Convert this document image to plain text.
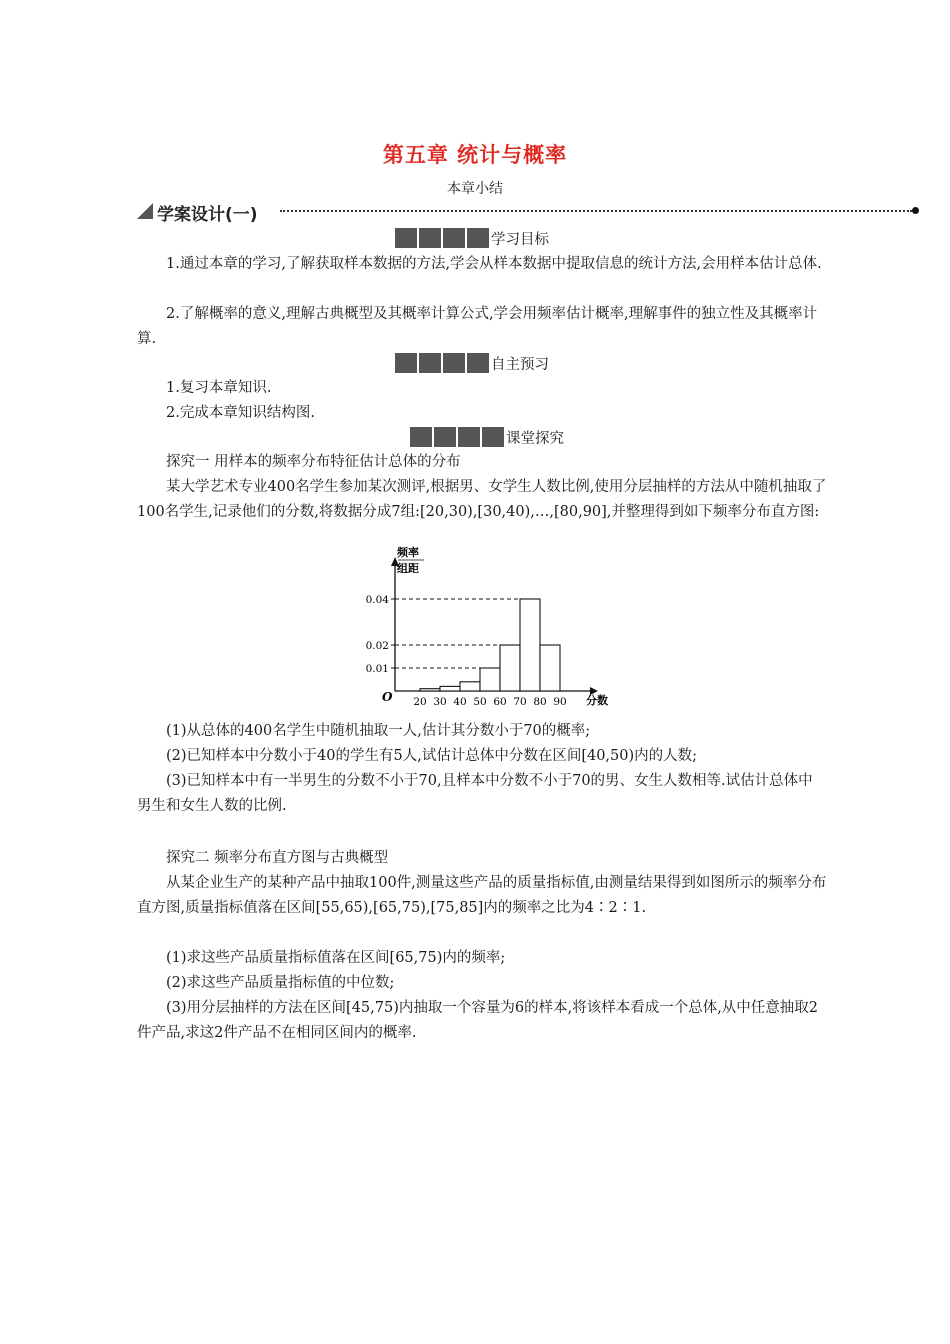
第五章 统计与概率
本章小结
学案设计(一)
学习目标
1.通过本章的学习,了解获取样本数据的方法,学会从样本数据中提取信息的统计方法,会用样本估计总体.
2.了解概率的意义,理解古典概型及其概率计算公式,学会用频率估计概率,理解事件的独立性及其概率计算.
自主预习
1.复习本章知识.
2.完成本章知识结构图.
课堂探究
探究一 用样本的频率分布特征估计总体的分布
某大学艺术专业400名学生参加某次测评,根据男、女学生人数比例,使用分层抽样的方法从中随机抽取了100名学生,记录他们的分数,将数据分成7组:[20,30),[30,40),…,[80,90],并整理得到如下频率分布直方图:
频率
组距
O	分数
0.04
0.02
0.01
20 30 40 50 60 70 80 90
(1)从总体的400名学生中随机抽取一人,估计其分数小于70的概率;
(2)已知样本中分数小于40的学生有5人,试估计总体中分数在区间[40,50)内的人数;
(3)已知样本中有一半男生的分数不小于70,且样本中分数不小于70的男、女生人数相等.试估计总体中男生和女生人数的比例.
探究二 频率分布直方图与古典概型
从某企业生产的某种产品中抽取100件,测量这些产品的质量指标值,由测量结果得到如图所示的频率分布直方图,质量指标值落在区间[55,65),[65,75),[75,85]内的频率之比为4∶2∶1.
(1)求这些产品质量指标值落在区间[65,75)内的频率;
(2)求这些产品质量指标值的中位数;
(3)用分层抽样的方法在区间[45,75)内抽取一个容量为6的样本,将该样本看成一个总体,从中任意抽取2件产品,求这2件产品不在相同区间内的概率.
